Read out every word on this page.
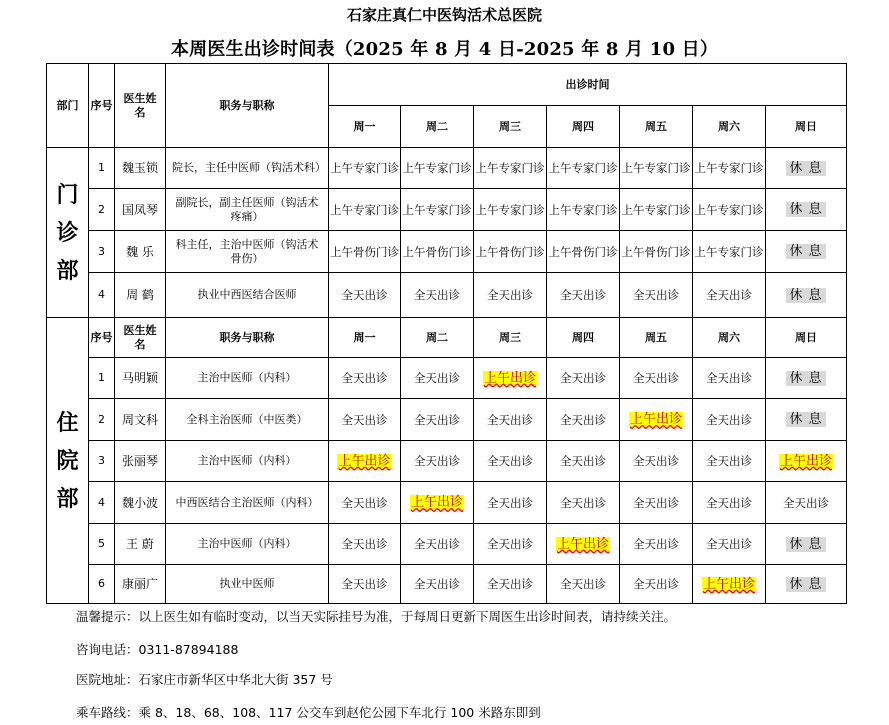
石家庄真仁中医钩活术总医院
本周医生出诊时间表（2025 年 8 月 4 日-2025 年 8 月 10 日）
部门	序号	医生姓名	职务与职称	出诊时间						
				周一	周二	周三	周四	周五	周六	周日
门诊部	1	魏玉锁	院长，主任中医师（钩活术科）	上午专家门诊	上午专家门诊	上午专家门诊	上午专家门诊	上午专家门诊	上午专家门诊	休 息
	2	国凤琴	副院长，副主任医师（钩活术 疼痛）	上午专家门诊	上午专家门诊	上午专家门诊	上午专家门诊	上午专家门诊	上午专家门诊	休 息
	3	魏 乐	科主任，主治中医师（钩活术骨伤）	上午骨伤门诊	上午骨伤门诊	上午骨伤门诊	上午骨伤门诊	上午骨伤门诊	上午专家门诊	休 息
	4	周 鹤	执业中西医结合医师	全天出诊	全天出诊	全天出诊	全天出诊	全天出诊	全天出诊	休 息
住院部	序号	医生姓名	职务与职称	周一	周二	周三	周四	周五	周六	周日
	1	马明颖	主治中医师（内科）	全天出诊	全天出诊	上午出诊	全天出诊	全天出诊	全天出诊	休 息
	2	周文科	全科主治医师（中医类）	全天出诊	全天出诊	全天出诊	全天出诊	上午出诊	全天出诊	休 息
	3	张丽琴	主治中医师（内科）	上午出诊	全天出诊	全天出诊	全天出诊	全天出诊	全天出诊	上午出诊
	4	魏小波	中西医结合主治医师（内科）	全天出诊	上午出诊	全天出诊	全天出诊	全天出诊	全天出诊	全天出诊
	5	王 蔚	主治中医师（内科）	全天出诊	全天出诊	全天出诊	上午出诊	全天出诊	全天出诊	休 息
	6	康丽广	执业中医师	全天出诊	全天出诊	全天出诊	全天出诊	全天出诊	上午出诊	休 息
温馨提示：以上医生如有临时变动，以当天实际挂号为准，于每周日更新下周医生出诊时间表，请持续关注。
咨询电话：0311-87894188
医院地址：石家庄市新华区中华北大街 357 号
乘车路线：乘 8、18、68、108、117 公交车到赵佗公园下车北行 100 米路东即到
